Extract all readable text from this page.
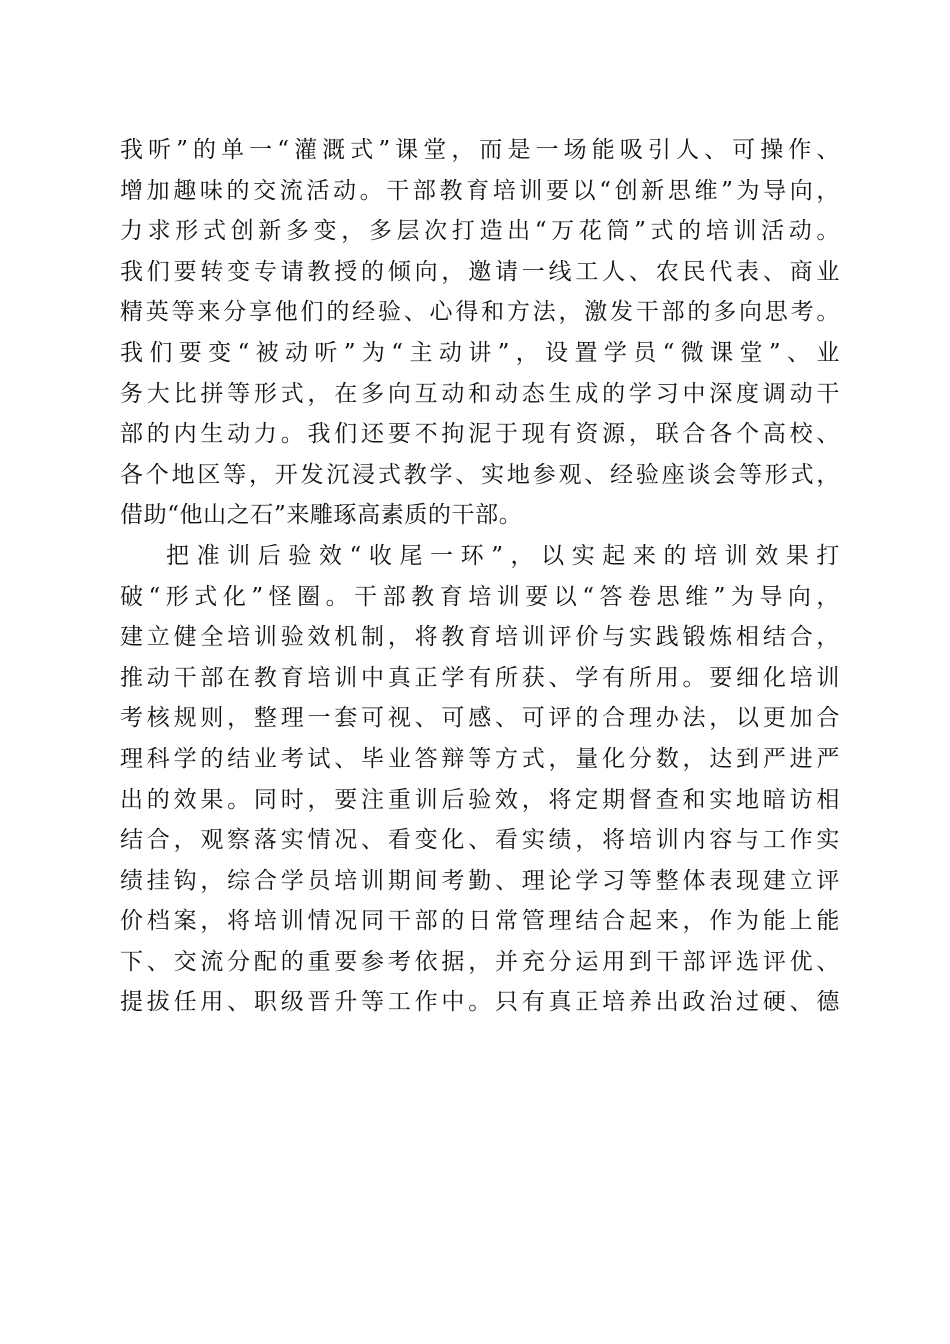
我听”的单一“灌溉式”课堂，而是一场能吸引人、可操作、
增加趣味的交流活动。干部教育培训要以“创新思维”为导向，
力求形式创新多变，多层次打造出“万花筒”式的培训活动。
我们要转变专请教授的倾向，邀请一线工人、农民代表、商业
精英等来分享他们的经验、心得和方法，激发干部的多向思考。
我们要变“被动听”为“主动讲”，设置学员“微课堂”、业
务大比拼等形式，在多向互动和动态生成的学习中深度调动干
部的内生动力。我们还要不拘泥于现有资源，联合各个高校、
各个地区等，开发沉浸式教学、实地参观、经验座谈会等形式，
借助“他山之石”来雕琢高素质的干部。
把准训后验效“收尾一环”，以实起来的培训效果打
破“形式化”怪圈。干部教育培训要以“答卷思维”为导向，
建立健全培训验效机制，将教育培训评价与实践锻炼相结合，
推动干部在教育培训中真正学有所获、学有所用。要细化培训
考核规则，整理一套可视、可感、可评的合理办法，以更加合
理科学的结业考试、毕业答辩等方式，量化分数，达到严进严
出的效果。同时，要注重训后验效，将定期督查和实地暗访相
结合，观察落实情况、看变化、看实绩，将培训内容与工作实
绩挂钩，综合学员培训期间考勤、理论学习等整体表现建立评
价档案，将培训情况同干部的日常管理结合起来，作为能上能
下、交流分配的重要参考依据，并充分运用到干部评选评优、
提拔任用、职级晋升等工作中。只有真正培养出政治过硬、德
